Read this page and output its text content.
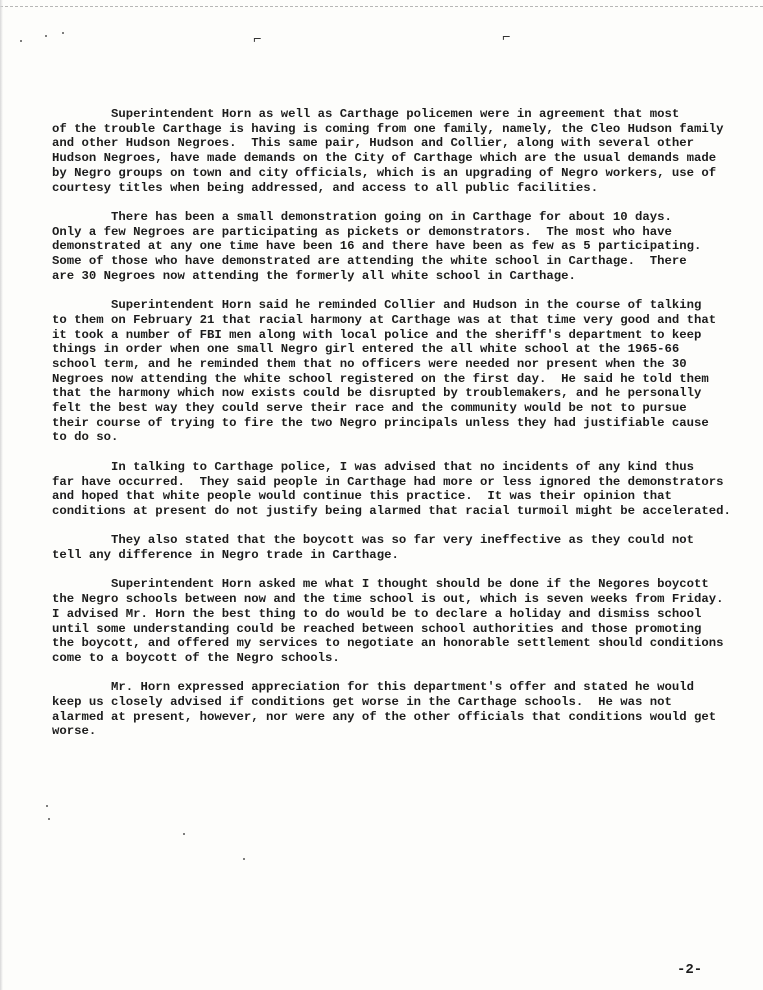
⌐	⌐

Superintendent Horn as well as Carthage policemen were in agreement that most
of the trouble Carthage is having is coming from one family, namely, the Cleo Hudson family
and other Hudson Negroes.  This same pair, Hudson and Collier, along with several other
Hudson Negroes, have made demands on the City of Carthage which are the usual demands made
by Negro groups on town and city officials, which is an upgrading of Negro workers, use of
courtesy titles when being addressed, and access to all public facilities.

There has been a small demonstration going on in Carthage for about 10 days.
Only a few Negroes are participating as pickets or demonstrators.  The most who have
demonstrated at any one time have been 16 and there have been as few as 5 participating.
Some of those who have demonstrated are attending the white school in Carthage.  There
are 30 Negroes now attending the formerly all white school in Carthage.

Superintendent Horn said he reminded Collier and Hudson in the course of talking
to them on February 21 that racial harmony at Carthage was at that time very good and that
it took a number of FBI men along with local police and the sheriff's department to keep
things in order when one small Negro girl entered the all white school at the 1965-66
school term, and he reminded them that no officers were needed nor present when the 30
Negroes now attending the white school registered on the first day.  He said he told them
that the harmony which now exists could be disrupted by troublemakers, and he personally
felt the best way they could serve their race and the community would be not to pursue
their course of trying to fire the two Negro principals unless they had justifiable cause
to do so.

In talking to Carthage police, I was advised that no incidents of any kind thus
far have occurred.  They said people in Carthage had more or less ignored the demonstrators
and hoped that white people would continue this practice.  It was their opinion that
conditions at present do not justify being alarmed that racial turmoil might be accelerated.

They also stated that the boycott was so far very ineffective as they could not
tell any difference in Negro trade in Carthage.

Superintendent Horn asked me what I thought should be done if the Negores boycott
the Negro schools between now and the time school is out, which is seven weeks from Friday.
I advised Mr. Horn the best thing to do would be to declare a holiday and dismiss school
until some understanding could be reached between school authorities and those promoting
the boycott, and offered my services to negotiate an honorable settlement should conditions
come to a boycott of the Negro schools.

Mr. Horn expressed appreciation for this department's offer and stated he would
keep us closely advised if conditions get worse in the Carthage schools.  He was not
alarmed at present, however, nor were any of the other officials that conditions would get
worse.

-2-
